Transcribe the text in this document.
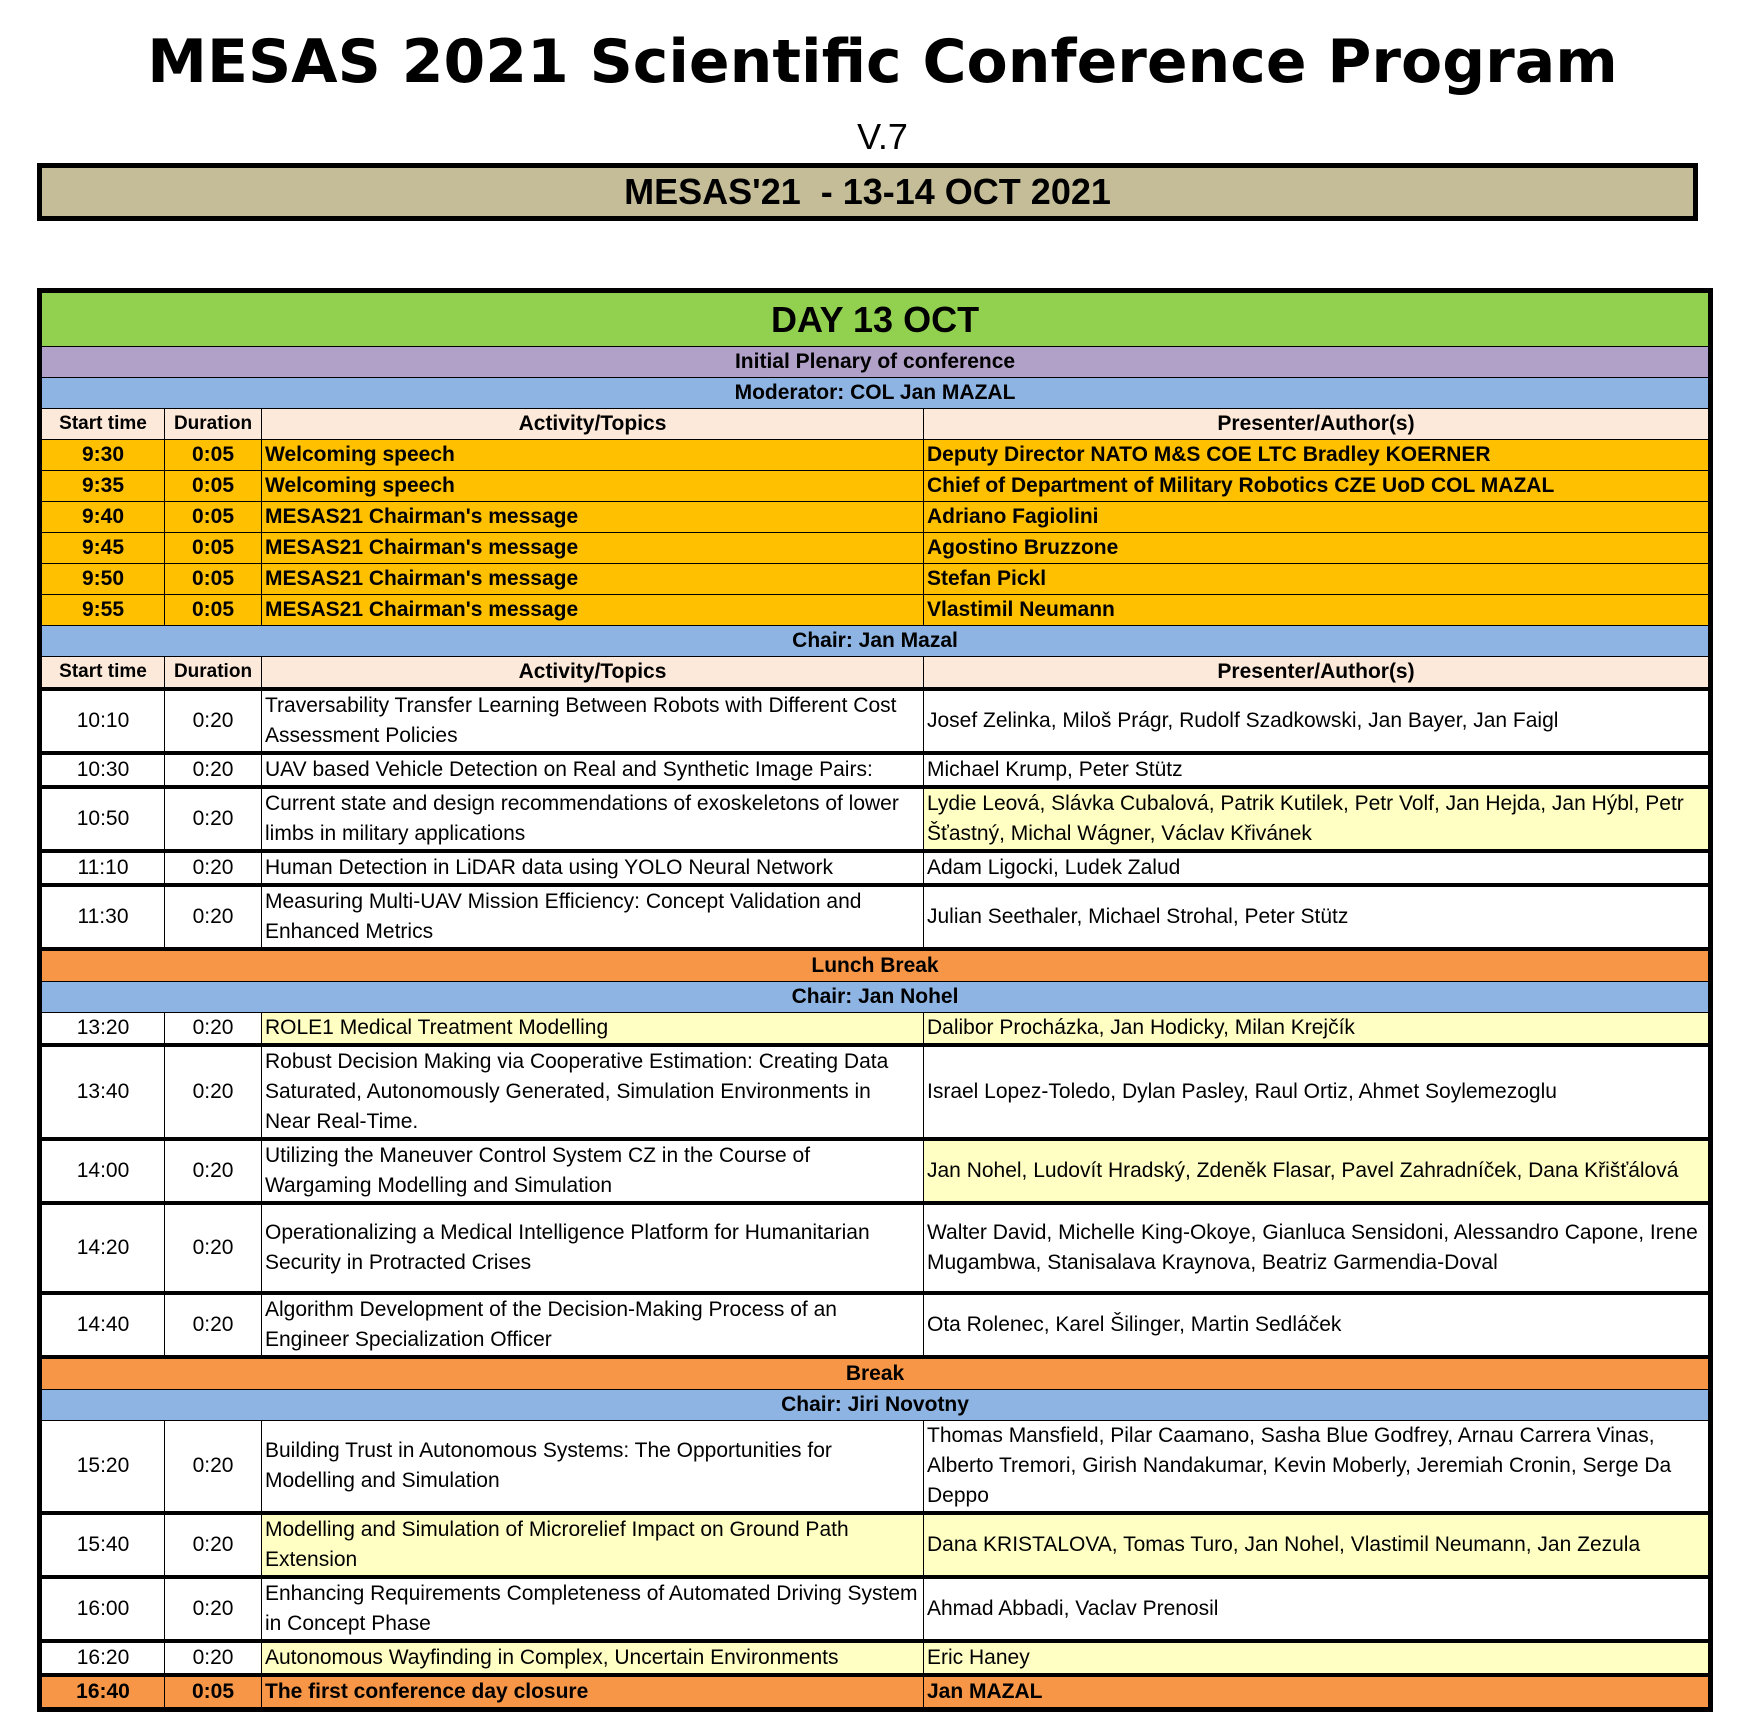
MESAS 2021 Scientific Conference Program
V.7
MESAS'21  - 13-14 OCT 2021
DAY 13 OCT			
Initial Plenary of conference			
Moderator: COL Jan MAZAL			
Start time	Duration	Activity/Topics	Presenter/Author(s)
9:30	0:05	Welcoming speech	Deputy Director NATO M&S COE LTC Bradley KOERNER
9:35	0:05	Welcoming speech	Chief of Department of Military Robotics CZE UoD COL MAZAL
9:40	0:05	MESAS21 Chairman's message	Adriano Fagiolini
9:45	0:05	MESAS21 Chairman's message	Agostino Bruzzone
9:50	0:05	MESAS21 Chairman's message	Stefan Pickl
9:55	0:05	MESAS21 Chairman's message	Vlastimil Neumann
Chair: Jan Mazal			
Start time	Duration	Activity/Topics	Presenter/Author(s)
10:10	0:20	Traversability Transfer Learning Between Robots with Different Cost Assessment Policies	Josef Zelinka, Miloš Prágr, Rudolf Szadkowski, Jan Bayer, Jan Faigl
10:30	0:20	UAV based Vehicle Detection on Real and Synthetic Image Pairs:	Michael Krump, Peter Stütz
10:50	0:20	Current state and design recommendations of exoskeletons of lower limbs in military applications	Lydie Leová, Slávka Cubalová, Patrik Kutilek, Petr Volf, Jan Hejda, Jan Hýbl, Petr Šťastný, Michal Wágner, Václav Křivánek
11:10	0:20	Human Detection in LiDAR data using YOLO Neural Network	Adam Ligocki, Ludek Zalud
11:30	0:20	Measuring Multi-UAV Mission Efficiency: Concept Validation and Enhanced Metrics	Julian Seethaler, Michael Strohal, Peter Stütz
Lunch Break			
Chair: Jan Nohel			
13:20	0:20	ROLE1 Medical Treatment Modelling	Dalibor Procházka, Jan Hodicky, Milan Krejčík
13:40	0:20	Robust Decision Making via Cooperative Estimation: Creating Data Saturated, Autonomously Generated, Simulation Environments in Near Real-Time.	Israel Lopez-Toledo, Dylan Pasley, Raul Ortiz, Ahmet Soylemezoglu
14:00	0:20	Utilizing the Maneuver Control System CZ in the Course of Wargaming Modelling and Simulation	Jan Nohel, Ludovít Hradský, Zdeněk Flasar, Pavel Zahradníček, Dana Křišťálová
14:20	0:20	Operationalizing a Medical Intelligence Platform for Humanitarian Security in Protracted Crises	Walter David, Michelle King-Okoye, Gianluca Sensidoni, Alessandro Capone, Irene Mugambwa, Stanisalava Kraynova, Beatriz Garmendia-Doval
14:40	0:20	Algorithm Development of the Decision-Making Process of an Engineer Specialization Officer	Ota Rolenec, Karel Šilinger, Martin Sedláček
Break			
Chair: Jiri Novotny			
15:20	0:20	Building Trust in Autonomous Systems: The Opportunities for Modelling and Simulation	Thomas Mansfield, Pilar Caamano, Sasha Blue Godfrey, Arnau Carrera Vinas, Alberto Tremori, Girish Nandakumar, Kevin Moberly, Jeremiah Cronin, Serge Da Deppo
15:40	0:20	Modelling and Simulation of Microrelief Impact on Ground Path Extension	Dana KRISTALOVA, Tomas Turo, Jan Nohel, Vlastimil Neumann, Jan Zezula
16:00	0:20	Enhancing Requirements Completeness of Automated Driving System in Concept Phase	Ahmad Abbadi, Vaclav Prenosil
16:20	0:20	Autonomous Wayfinding in Complex, Uncertain Environments	Eric Haney
16:40	0:05	The first conference day closure	Jan MAZAL
